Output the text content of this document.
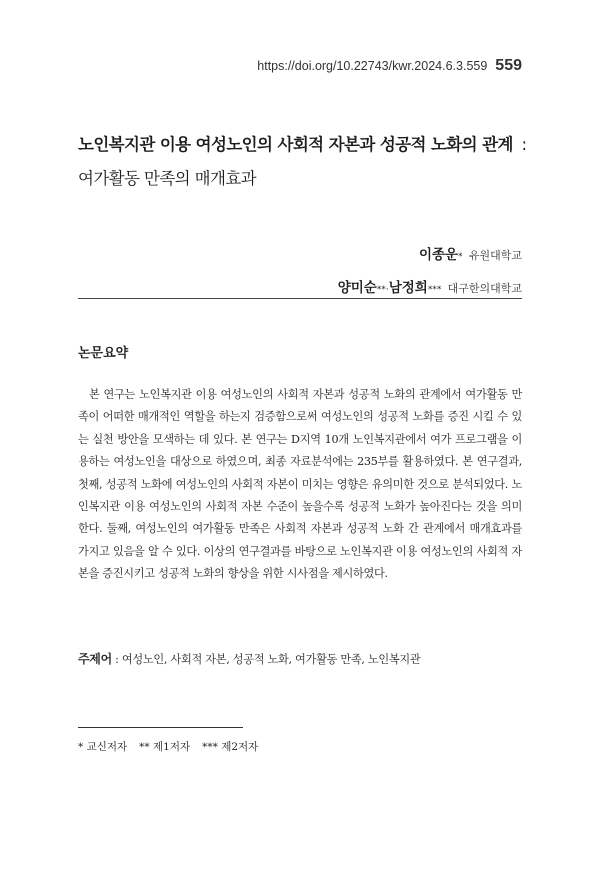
https://doi.org/10.22743/kwr.2024.6.3.559 559
노인복지관 이용 여성노인의 사회적 자본과 성공적 노화의 관계 : 여가활동 만족의 매개효과
이종운* 유원대학교
양미순**·남정희*** 대구한의대학교
논문요약
본 연구는 노인복지관 이용 여성노인의 사회적 자본과 성공적 노화의 관계에서 여가활동 만족이 어떠한 매개적인 역할을 하는지 검증함으로써 여성노인의 성공적 노화를 증진 시킬 수 있는 실천 방안을 모색하는 데 있다. 본 연구는 D지역 10개 노인복지관에서 여가 프로그램을 이용하는 여성노인을 대상으로 하였으며, 최종 자료분석에는 235부를 활용하였다. 본 연구결과, 첫째, 성공적 노화에 여성노인의 사회적 자본이 미치는 영향은 유의미한 것으로 분석되었다. 노인복지관 이용 여성노인의 사회적 자본 수준이 높을수록 성공적 노화가 높아진다는 것을 의미한다. 둘째, 여성노인의 여가활동 만족은 사회적 자본과 성공적 노화 간 관계에서 매개효과를 가지고 있음을 알 수 있다. 이상의 연구결과를 바탕으로 노인복지관 이용 여성노인의 사회적 자본을 증진시키고 성공적 노화의 향상을 위한 시사점을 제시하였다.
주제어 : 여성노인, 사회적 자본, 성공적 노화, 여가활동 만족, 노인복지관
* 교신저자 ** 제1저자 *** 제2저자
